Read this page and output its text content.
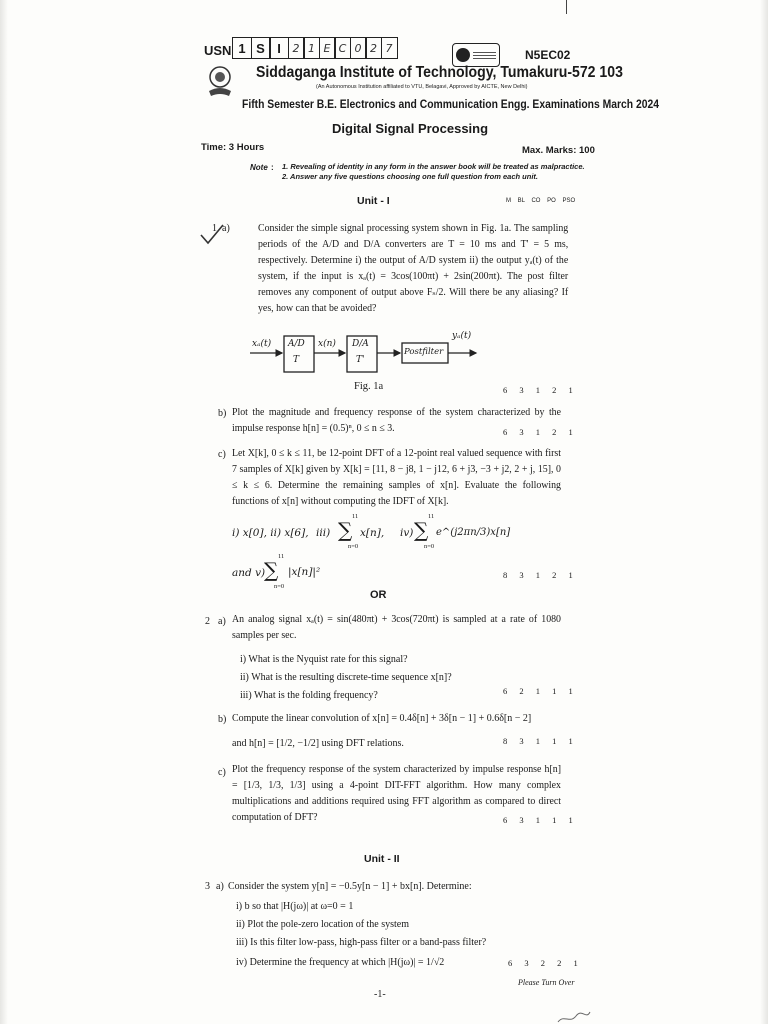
USN 1 S I	2 1 E C 0 2 7	N5EC02
Siddaganga Institute of Technology, Tumakuru-572 103
(An Autonomous Institution affiliated to VTU, Belagavi, Approved by AICTE, New Delhi)
Fifth Semester B.E. Electronics and Communication Engg. Examinations March 2024
Digital Signal Processing
Time: 3 Hours	Max. Marks: 100
Note : 1. Revealing of identity in any form in the answer book will be treated as malpractice.
2. Answer any five questions choosing one full question from each unit.
Unit - I	M BL CO PO PSO
1 a)	Consider the simple signal processing system shown in Fig. 1a. The sampling periods of the A/D and D/A converters are T = 10 ms and T' = 5 ms, respectively. Determine i) the output of A/D system ii) the output yₐ(t) of the system, if the input is xₐ(t) = 3cos(100πt) + 2sin(200πt). The post filter removes any component of output above Fₛ/2. Will there be any aliasing? If yes, how can that be avoided?
xₐ(t) A/D
T
x(n) D/A
T'
Postfilter
yₐ(t)
Fig. 1a	6 3 1 2 1
b) Plot the magnitude and frequency response of the system characterized by the impulse response h[n] = (0.5)ⁿ, 0 ≤ n ≤ 3.	6 3 1 2 1
c) Let X[k], 0 ≤ k ≤ 11, be 12-point DFT of a 12-point real valued sequence with first 7 samples of X[k] given by X[k] = [11, 8 − j8, 1 − j12, 6 + j3, −3 + j2, 2 + j, 15], 0 ≤ k ≤ 6. Determine the remaining samples of x[n]. Evaluate the following functions of x[n] without computing the IDFT of X[k].
i) x[0], ii) x[6], iii) ∑
11
n=0
x[n], iv) ∑
11
n=0
e^(j2πn/3)x[n]
and v)
∑
11
n=0
|x[n]|²	8 3 1 2 1
OR
2 a) An analog signal xₐ(t) = sin(480πt) + 3cos(720πt) is sampled at a rate of 1080 samples per sec.
i) What is the Nyquist rate for this signal?
ii) What is the resulting discrete-time sequence x[n]?
iii) What is the folding frequency?	6 2 1 1 1
b) Compute the linear convolution of x[n] = 0.4δ[n] + 3δ[n − 1] + 0.6δ[n − 2]
and h[n] = [1/2, −1/2] using DFT relations.	8 3 1 1 1
c) Plot the frequency response of the system characterized by impulse response h[n] = [1/3, 1/3, 1/3] using a 4-point DIT-FFT algorithm. How many complex multiplications and additions required using FFT algorithm as compared to direct computation of DFT?	6 3 1 1 1
Unit - II
3 a) Consider the system y[n] = −0.5y[n − 1] + bx[n]. Determine:
i) b so that |H(jω)| at ω=0 = 1
ii) Plot the pole-zero location of the system
iii) Is this filter low-pass, high-pass filter or a band-pass filter?
iv) Determine the frequency at which |H(jω)| = 1/√2	6 3 2 2 1
Please Turn Over
-1-
